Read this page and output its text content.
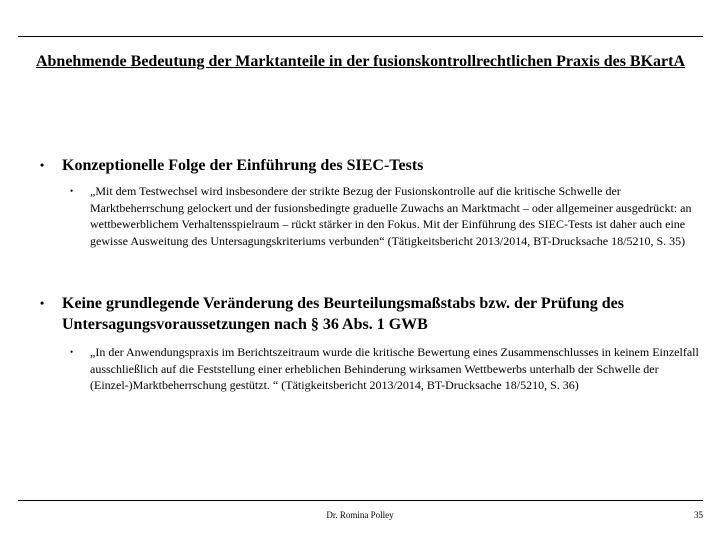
Abnehmende Bedeutung der Marktanteile in der fusionskontrollrechtlichen Praxis des BKartA
• Konzeptionelle Folge der Einführung des SIEC-Tests
• „Mit dem Testwechsel wird insbesondere der strikte Bezug der Fusionskontrolle auf die kritische Schwelle der Marktbeherrschung gelockert und der fusionsbedingte graduelle Zuwachs an Marktmacht – oder allgemeiner ausgedrückt: an wettbewerblichem Verhaltensspielraum – rückt stärker in den Fokus. Mit der Einführung des SIEC-Tests ist daher auch eine gewisse Ausweitung des Untersagungskriteriums verbunden“ (Tätigkeitsbericht 2013/2014, BT-Drucksache 18/5210, S. 35)
• Keine grundlegende Veränderung des Beurteilungsmaßstabs bzw. der Prüfung des Untersagungsvoraussetzungen nach § 36 Abs. 1 GWB
• „In der Anwendungspraxis im Berichtszeitraum wurde die kritische Bewertung eines Zusammenschlusses in keinem Einzelfall ausschließlich auf die Feststellung einer erheblichen Behinderung wirksamen Wettbewerbs unterhalb der Schwelle der (Einzel-)Marktbeherrschung gestützt. “ (Tätigkeitsbericht 2013/2014, BT-Drucksache 18/5210, S. 36)
Dr. Romina Polley	35
